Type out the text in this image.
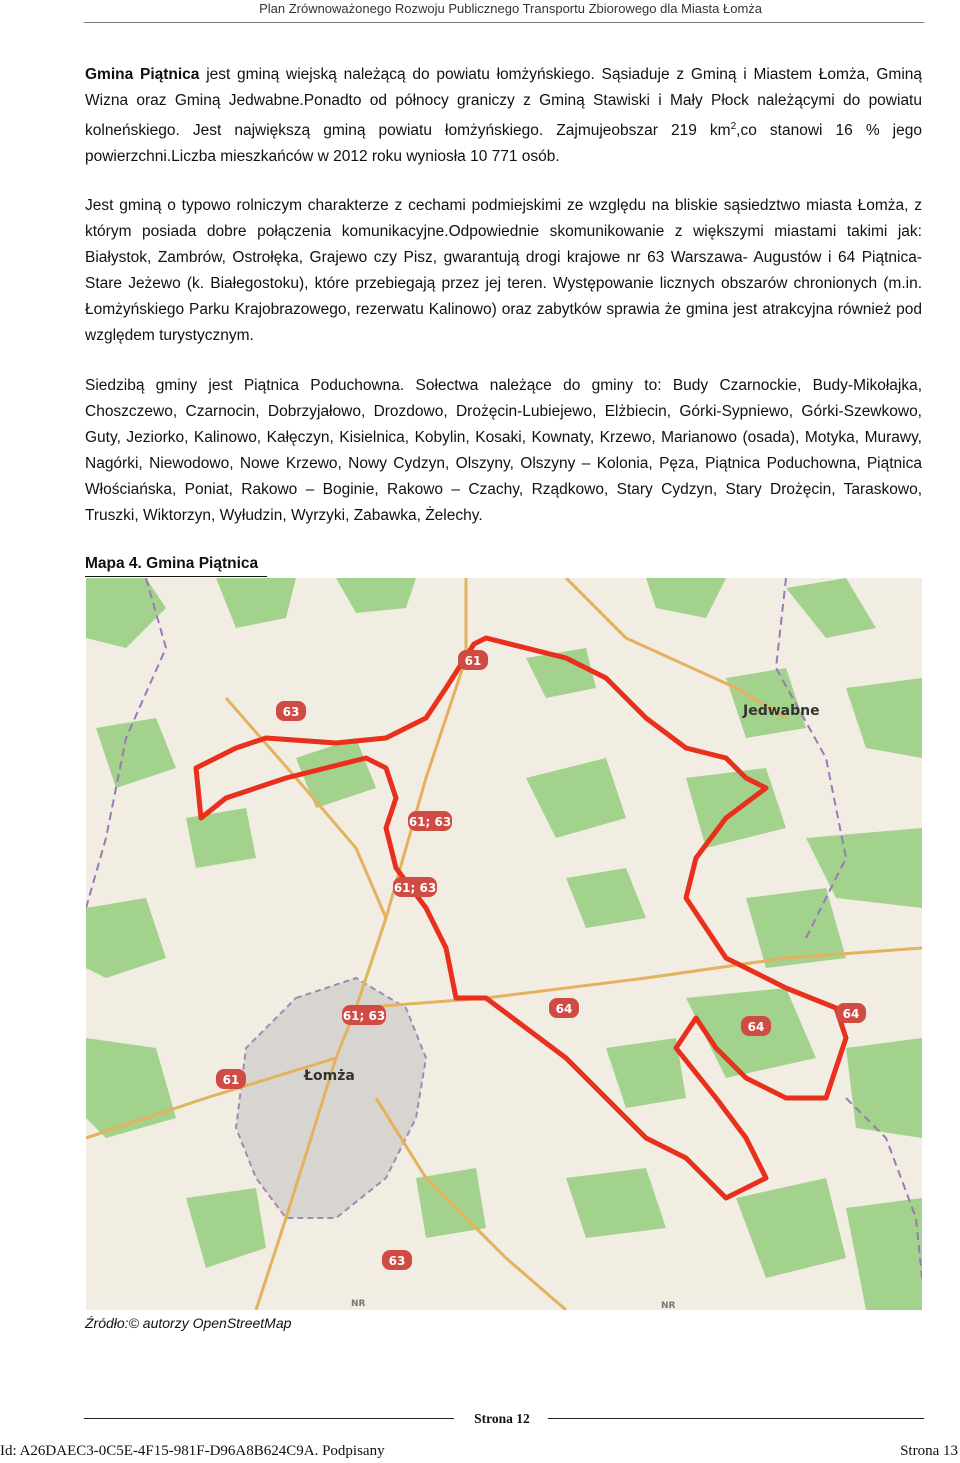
Plan Zrównoważonego Rozwoju Publicznego Transportu Zbiorowego dla Miasta Łomża
Gmina Piątnica jest gminą wiejską należącą do powiatu łomżyńskiego. Sąsiaduje z Gminą i Miastem Łomża, Gminą Wizna oraz Gminą Jedwabne.Ponadto od północy graniczy z Gminą Stawiski i Mały Płock należącymi do powiatu kolneńskiego. Jest największą gminą powiatu łomżyńskiego. Zajmujeobszar 219 $km^2,co$ stanowi 16 % jego powierzchni.Liczba mieszkańców w 2012 roku wyniosła 10 771 osób.
Jest gminą o typowo rolniczym charakterze z cechami podmiejskimi ze względu na bliskie sąsiedztwo miasta Łomża, z którym posiada dobre połączenia komunikacyjne.Odpowiednie skomunikowanie z większymi miastami takimi jak: Białystok, Zambrów, Ostrołęka, Grajewo czy Pisz, gwarantują drogi krajowe nr 63 Warszawa- Augustów i 64 Piątnica- Stare Jeżewo (k. Białegostoku), które przebiegają przez jej teren. Występowanie licznych obszarów chronionych (m.in. Łomżyńskiego Parku Krajobrazowego, rezerwatu Kalinowo) oraz zabytków sprawia że gmina jest atrakcyjna również pod względem turystycznym.
Siedzibą gminy jest Piątnica Poduchowna. Sołectwa należące do gminy to: Budy Czarnockie, Budy-Mikołajka, Choszczewo, Czarnocin, Dobrzyjałowo, Drozdowo, Drożęcin-Lubiejewo, Elżbiecin, Górki-Sypniewo, Górki-Szewkowo, Guty, Jeziorko, Kalinowo, Kałęczyn, Kisielnica, Kobylin, Kosaki, Kownaty, Krzewo, Marianowo (osada), Motyka, Murawy, Nagórki, Niewodowo, Nowe Krzewo, Nowy Cydzyn, Olszyny, Olszyny – Kolonia, Pęza, Piątnica Poduchowna, Piątnica Włościańska, Poniat, Rakowo – Boginie, Rakowo – Czachy, Rządkowo, Stary Cydzyn, Stary Drożęcin, Taraskowo, Truszki, Wiktorzyn, Wyłudzin, Wyrzyki, Zabawka, Żelechy.
Mapa 4. Gmina Piątnica
61
63
61; 63
61; 63
61; 63	64
64
64
61
63
Jedwabne
Łomża
NR	NR
Źródło:© autorzy OpenStreetMap
Strona 12
Id: A26DAEC3-0C5E-4F15-981F-D96A8B624C9A. Podpisany	Strona 13
